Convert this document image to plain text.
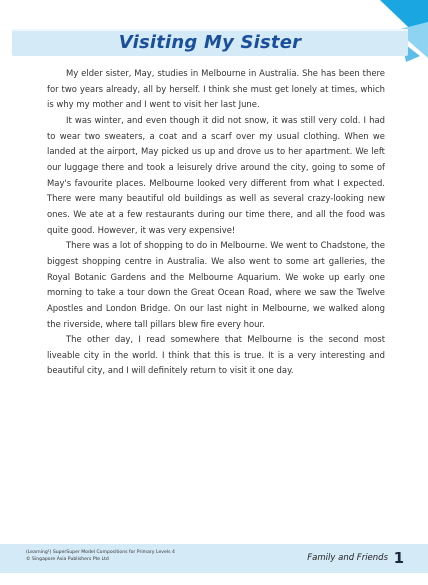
Visiting My Sister

My elder sister, May, studies in Melbourne in Australia. She has been there for two years already, all by herself. I think she must get lonely at times, which is why my mother and I went to visit her last June.

It was winter, and even though it did not snow, it was still very cold. I had to wear two sweaters, a coat and a scarf over my usual clothing. When we landed at the airport, May picked us up and drove us to her apartment. We left our luggage there and took a leisurely drive around the city, going to some of May's favourite places. Melbourne looked very different from what I expected. There were many beautiful old buildings as well as several crazy-looking new ones. We ate at a few restaurants during our time there, and all the food was quite good. However, it was very expensive!

There was a lot of shopping to do in Melbourne. We went to Chadstone, the biggest shopping centre in Australia. We also went to some art galleries, the Royal Botanic Gardens and the Melbourne Aquarium. We woke up early one morning to take a tour down the Great Ocean Road, where we saw the Twelve Apostles and London Bridge. On our last night in Melbourne, we walked along the riverside, where tall pillars blew fire every hour.

The other day, I read somewhere that Melbourne is the second most liveable city in the world. I think that this is true. It is a very interesting and beautiful city, and I will definitely return to visit it one day.

(Learning¹) SuperSuper Model Compositions for Primary Levels 4
© Singapore Asia Publishers Pte Ltd	Family and Friends 1
